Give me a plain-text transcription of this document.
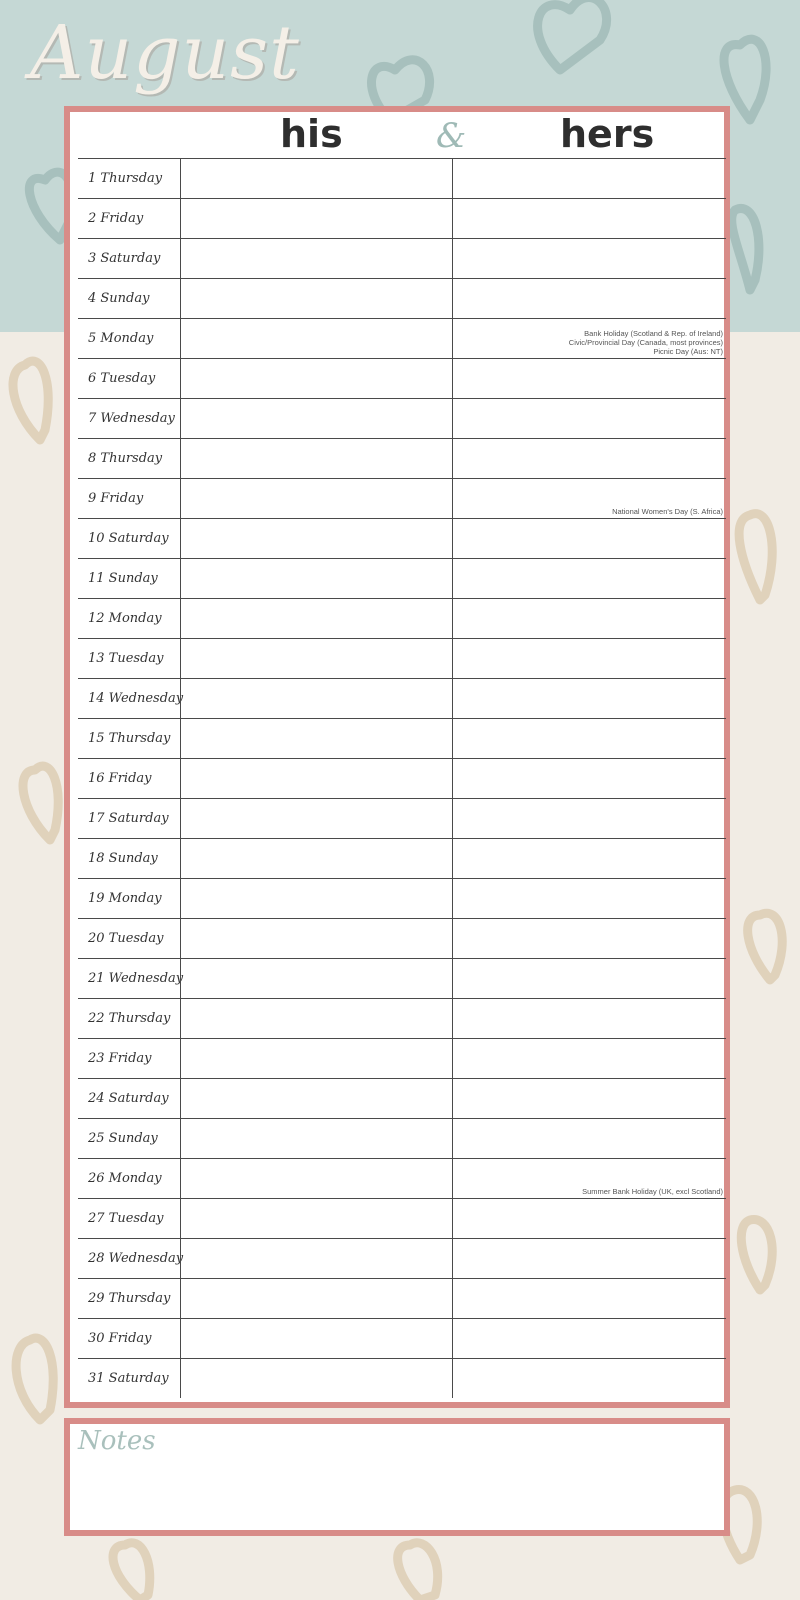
August
his	& hers
1 Thursday
2 Friday
3 Saturday
4 Sunday
5 Monday	Bank Holiday (Scotland & Rep. of Ireland)
Civic/Provincial Day (Canada, most provinces)
Picnic Day (Aus: NT)
6 Tuesday
7 Wednesday
8 Thursday
9 Friday
National Women's Day (S. Africa)
10 Saturday
11 Sunday
12 Monday
13 Tuesday
14 Wednesday
15 Thursday
16 Friday
17 Saturday
18 Sunday
19 Monday
20 Tuesday
21 Wednesday
22 Thursday
23 Friday
24 Saturday
25 Sunday
26 Monday
Summer Bank Holiday (UK, excl Scotland)
27 Tuesday
28 Wednesday
29 Thursday
30 Friday
31 Saturday
Notes
